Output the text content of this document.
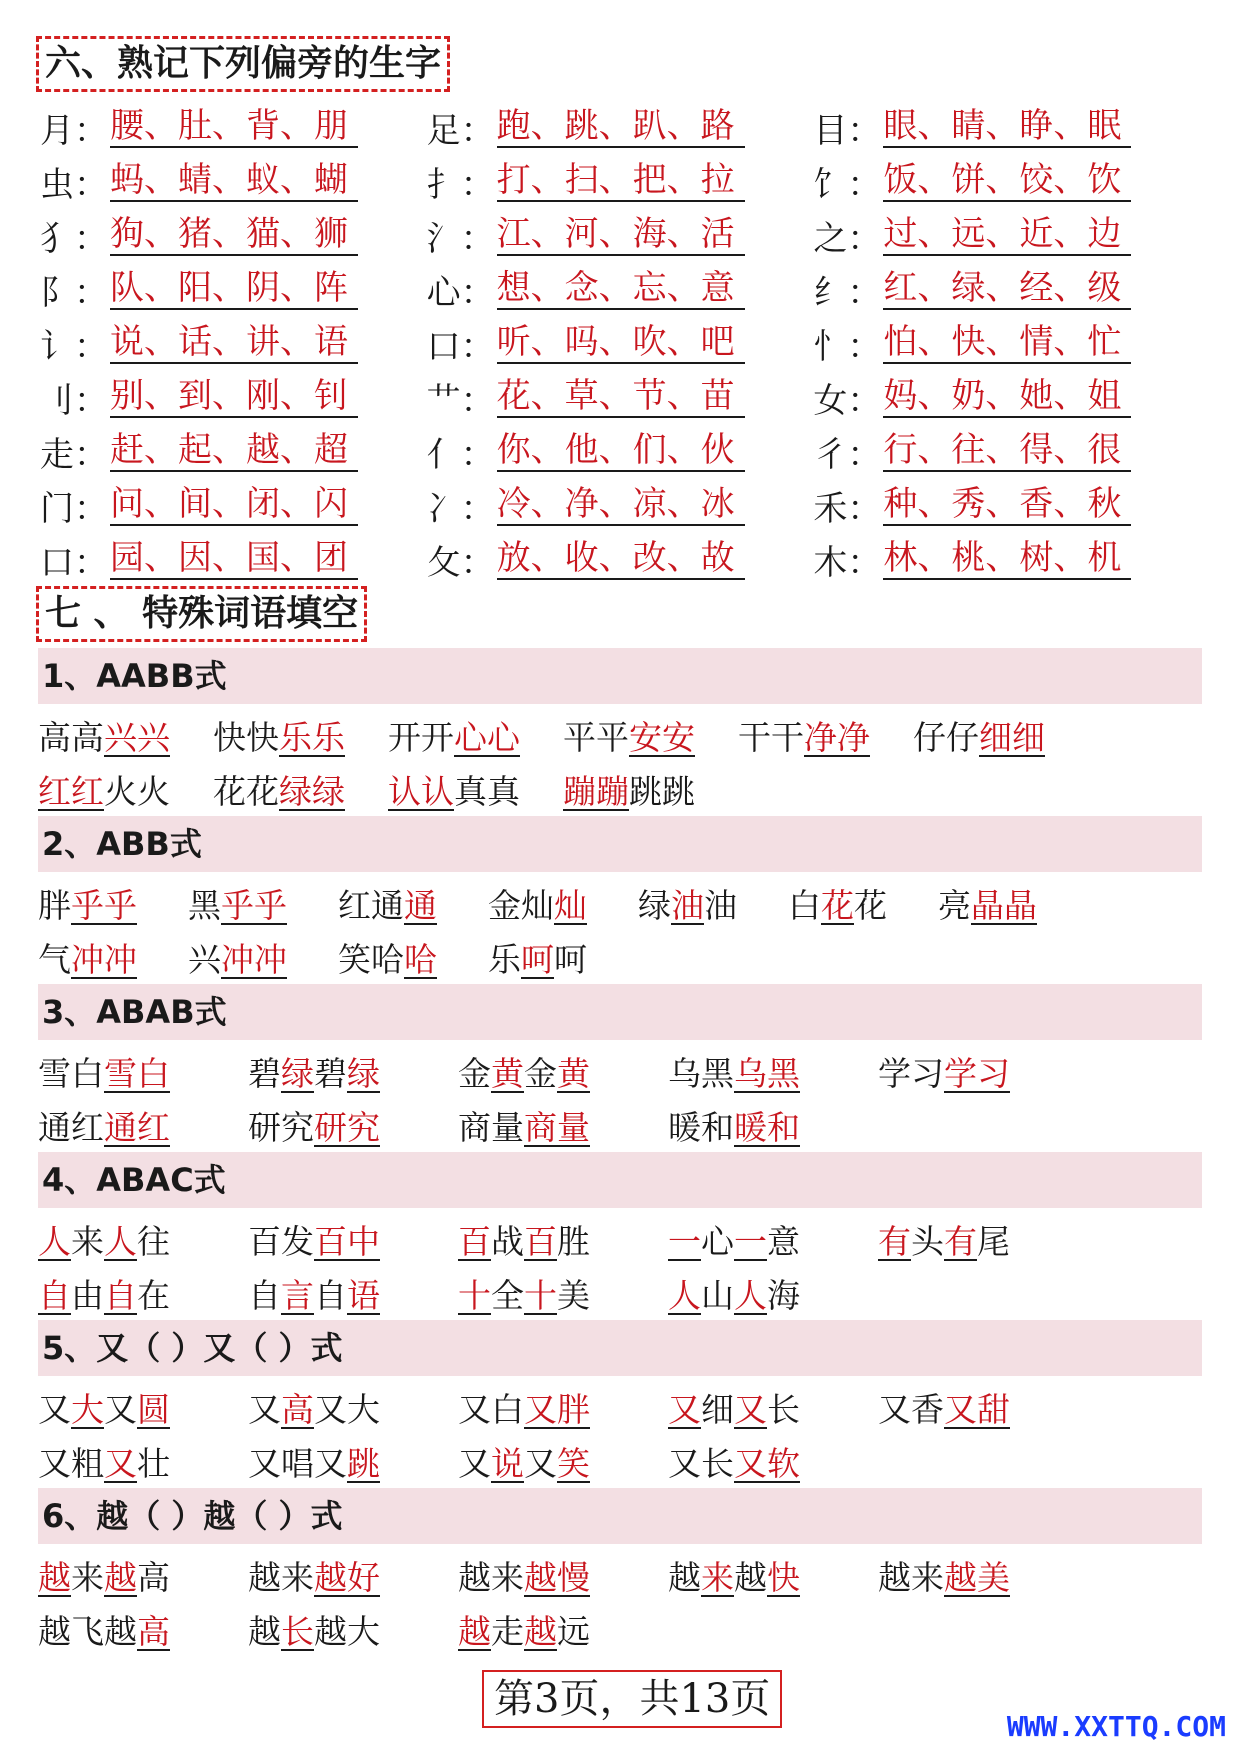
六、熟记下列偏旁的生字
月： 腰、肚、背、朋 足： 跑、跳、趴、路 目： 眼、睛、睁、眠
虫： 蚂、蜻、蚁、蝴 扌： 打、扫、把、拉 饣： 饭、饼、饺、饮
犭： 狗、猪、猫、狮 氵： 江、河、海、活 之： 过、远、近、边
阝： 队、阳、阴、阵 心： 想、念、忘、意 纟： 红、绿、经、级
讠： 说、话、讲、语 口： 听、吗、吹、吧 忄： 怕、快、情、忙
刂： 别、到、刚、钊 艹： 花、草、节、苗 女： 妈、奶、她、姐
走： 赶、起、越、超 亻： 你、他、们、伙 彳： 行、往、得、很
门： 问、间、闭、闪 冫： 冷、净、凉、冰 禾： 种、秀、香、秋
口： 园、因、国、团 攵： 放、收、改、故 木： 林、桃、树、机
七 、 特殊词语填空
1、AABB式
高高兴兴	快快乐乐	开开心心	平平安安	干干净净	仔仔细细
红红火火	花花绿绿	认认真真	蹦蹦跳跳
2、ABB式
胖乎乎	黑乎乎	红通通	金灿灿	绿油油	白花花	亮晶晶
气冲冲	兴冲冲	笑哈哈	乐呵呵
3、ABAB式
雪白雪白	碧绿碧绿	金黄金黄	乌黑乌黑	学习学习
通红通红	研究研究	商量商量	暖和暖和
4、ABAC式
人来人往	百发百中	百战百胜	一心一意	有头有尾
自由自在	自言自语	十全十美	人山人海
5、又（ ）又（ ）式
又大又圆	又高又大	又白又胖	又细又长	又香又甜
又粗又壮	又唱又跳	又说又笑	又长又软
6、越（ ）越（ ）式
越来越高	越来越好	越来越慢	越来越快	越来越美
越飞越高	越长越大	越走越远
第3页，共13页
WWW.XXTTQ.COM
